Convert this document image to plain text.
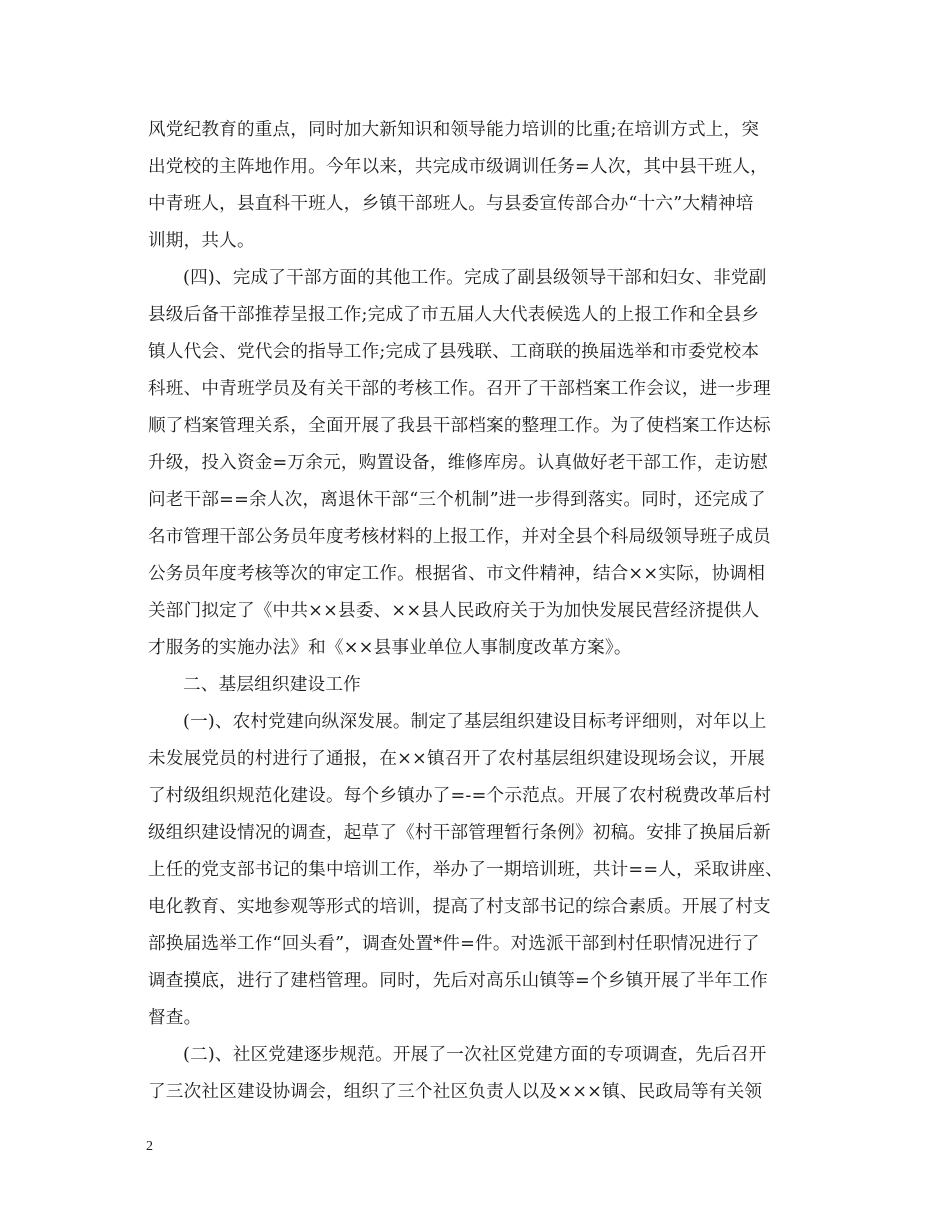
风党纪教育的重点，同时加大新知识和领导能力培训的比重;在培训方式上，突
出党校的主阵地作用。今年以来，共完成市级调训任务=人次，其中县干班人，
中青班人，县直科干班人，乡镇干部班人。与县委宣传部合办“十六”大精神培
训期，共人。
(四)、完成了干部方面的其他工作。完成了副县级领导干部和妇女、非党副
县级后备干部推荐呈报工作;完成了市五届人大代表候选人的上报工作和全县乡
镇人代会、党代会的指导工作;完成了县残联、工商联的换届选举和市委党校本
科班、中青班学员及有关干部的考核工作。召开了干部档案工作会议，进一步理
顺了档案管理关系，全面开展了我县干部档案的整理工作。为了使档案工作达标
升级，投入资金=万余元，购置设备，维修库房。认真做好老干部工作，走访慰
问老干部==余人次，离退休干部“三个机制”进一步得到落实。同时，还完成了
名市管理干部公务员年度考核材料的上报工作，并对全县个科局级领导班子成员
公务员年度考核等次的审定工作。根据省、市文件精神，结合××实际，协调相
关部门拟定了《中共××县委、××县人民政府关于为加快发展民营经济提供人
才服务的实施办法》和《××县事业单位人事制度改革方案》。
二、基层组织建设工作
(一)、农村党建向纵深发展。制定了基层组织建设目标考评细则，对年以上
未发展党员的村进行了通报，在××镇召开了农村基层组织建设现场会议，开展
了村级组织规范化建设。每个乡镇办了=-=个示范点。开展了农村税费改革后村
级组织建设情况的调查，起草了《村干部管理暂行条例》初稿。安排了换届后新
上任的党支部书记的集中培训工作，举办了一期培训班，共计==人，采取讲座、
电化教育、实地参观等形式的培训，提高了村支部书记的综合素质。开展了村支
部换届选举工作“回头看”，调查处置*件=件。对选派干部到村任职情况进行了
调查摸底，进行了建档管理。同时，先后对高乐山镇等=个乡镇开展了半年工作
督查。
(二)、社区党建逐步规范。开展了一次社区党建方面的专项调查，先后召开
了三次社区建设协调会，组织了三个社区负责人以及×××镇、民政局等有关领
2
